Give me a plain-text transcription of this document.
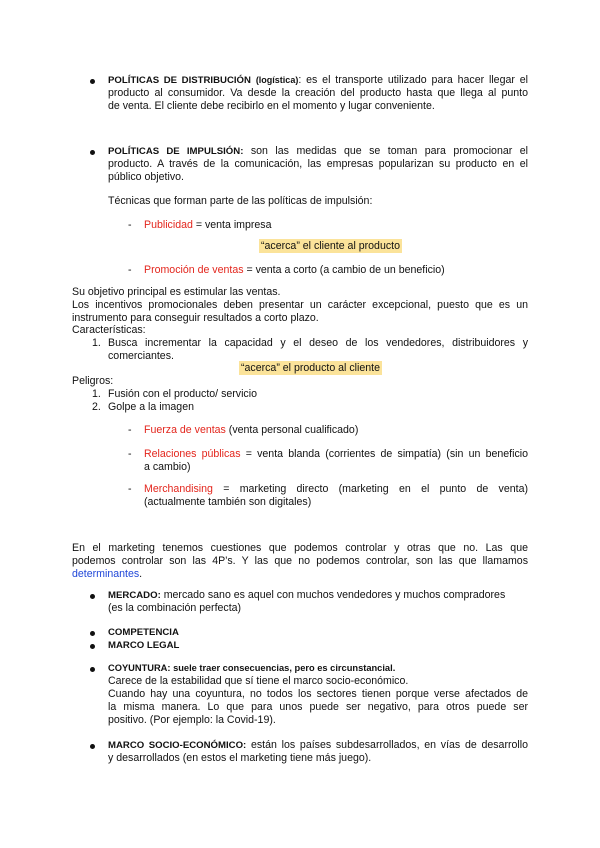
POLÍTICAS DE DISTRIBUCIÓN (logística): es el transporte utilizado para hacer llegar el
producto al consumidor. Va desde la creación del producto hasta que llega al punto
de venta. El cliente debe recibirlo en el momento y lugar conveniente.
POLÍTICAS DE IMPULSIÓN: son las medidas que se toman para promocionar el
producto. A través de la comunicación, las empresas popularizan su producto en el
público objetivo.
Técnicas que forman parte de las políticas de impulsión:
- Publicidad = venta impresa
“acerca” el cliente al producto
- Promoción de ventas = venta a corto (a cambio de un beneficio)
Su objetivo principal es estimular las ventas.
Los incentivos promocionales deben presentar un carácter excepcional, puesto que es un
instrumento para conseguir resultados a corto plazo.
Características:
1. Busca incrementar la capacidad y el deseo de los vendedores, distribuidores y
comerciantes.
“acerca” el producto al cliente
Peligros:
1. Fusión con el producto/ servicio
2. Golpe a la imagen
- Fuerza de ventas (venta personal cualificado)
- Relaciones públicas = venta blanda (corrientes de simpatía) (sin un beneficio
a cambio)
- Merchandising = marketing directo (marketing en el punto de venta)
(actualmente también son digitales)
En el marketing tenemos cuestiones que podemos controlar y otras que no. Las que
podemos controlar son las 4P’s. Y las que no podemos controlar, son las que llamamos
determinantes.
MERCADO: mercado sano es aquel con muchos vendedores y muchos compradores
(es la combinación perfecta)
COMPETENCIA
MARCO LEGAL
COYUNTURA: suele traer consecuencias, pero es circunstancial.
Carece de la estabilidad que sí tiene el marco socio-económico.
Cuando hay una coyuntura, no todos los sectores tienen porque verse afectados de
la misma manera. Lo que para unos puede ser negativo, para otros puede ser
positivo. (Por ejemplo: la Covid-19).
MARCO SOCIO-ECONÓMICO: están los países subdesarrollados, en vías de desarrollo
y desarrollados (en estos el marketing tiene más juego).
